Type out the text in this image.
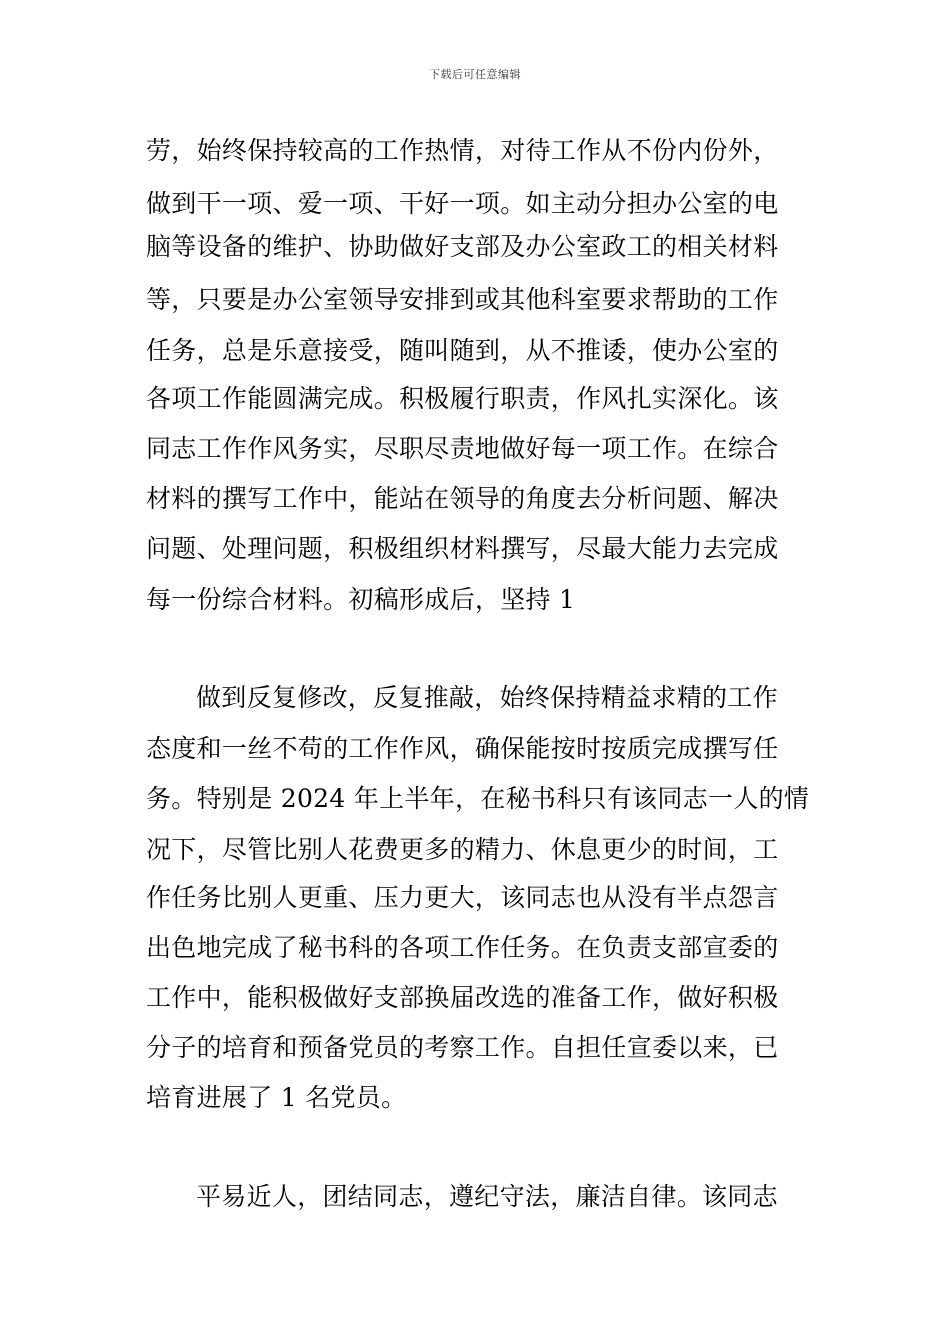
下载后可任意编辑
劳，始终保持较高的工作热情，对待工作从不份内份外，
做到干一项、爱一项、干好一项。如主动分担办公室的电
脑等设备的维护、协助做好支部及办公室政工的相关材料
等，只要是办公室领导安排到或其他科室要求帮助的工作
任务，总是乐意接受，随叫随到，从不推诿，使办公室的
各项工作能圆满完成。积极履行职责，作风扎实深化。该
同志工作作风务实，尽职尽责地做好每一项工作。在综合
材料的撰写工作中，能站在领导的角度去分析问题、解决
问题、处理问题，积极组织材料撰写，尽最大能力去完成
每一份综合材料。初稿形成后，坚持 1
做到反复修改，反复推敲，始终保持精益求精的工作
态度和一丝不苟的工作作风，确保能按时按质完成撰写任
务。特别是 2024 年上半年，在秘书科只有该同志一人的情
况下，尽管比别人花费更多的精力、休息更少的时间，工
作任务比别人更重、压力更大，该同志也从没有半点怨言
出色地完成了秘书科的各项工作任务。在负责支部宣委的
工作中，能积极做好支部换届改选的准备工作，做好积极
分子的培育和预备党员的考察工作。自担任宣委以来，已
培育进展了 1 名党员。
平易近人，团结同志，遵纪守法，廉洁自律。该同志
